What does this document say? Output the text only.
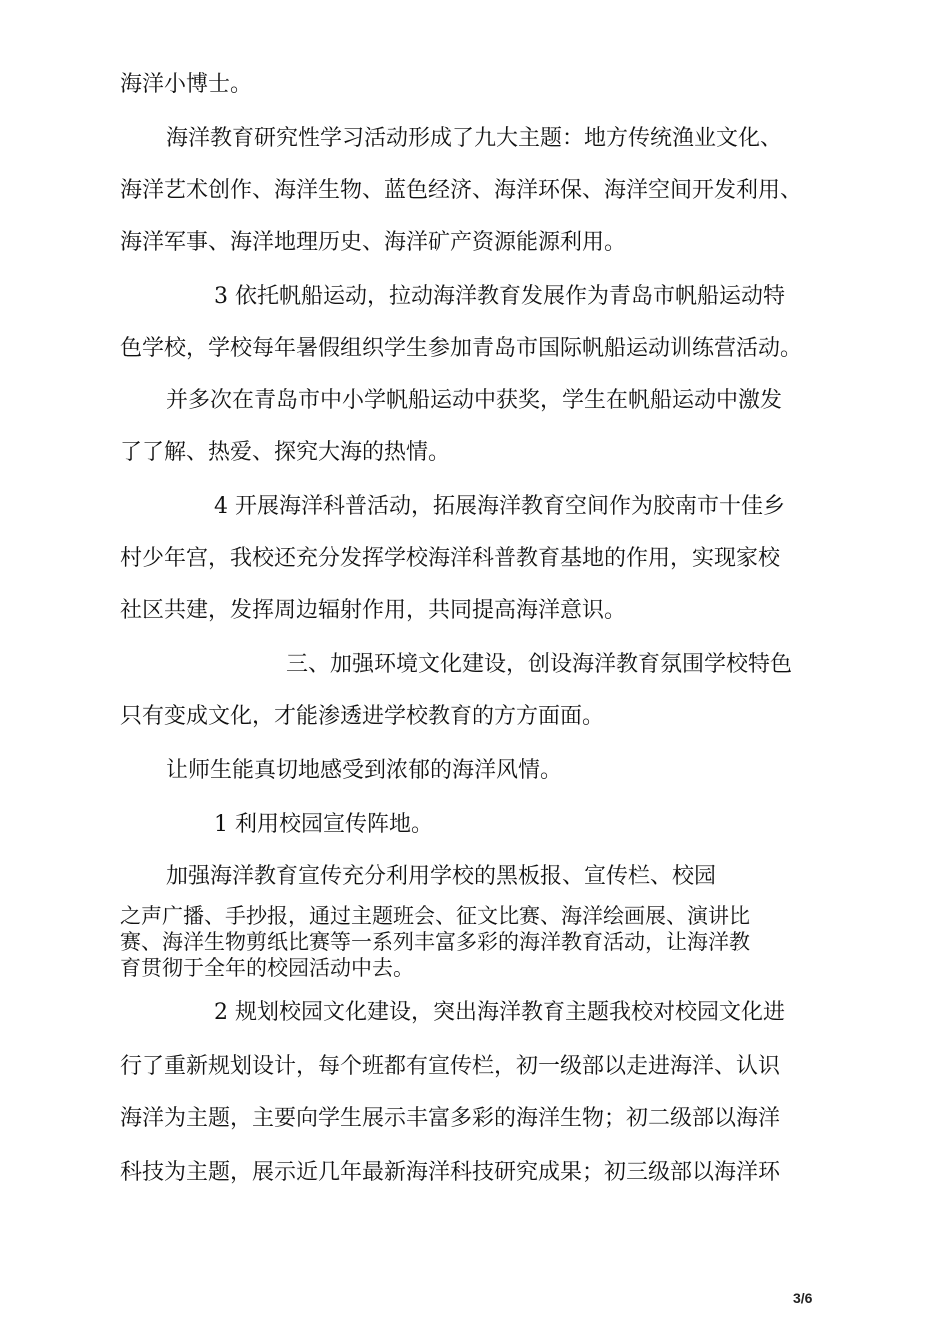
海洋小博士。

海洋教育研究性学习活动形成了九大主题：地方传统渔业文化、

海洋艺术创作、海洋生物、蓝色经济、海洋环保、海洋空间开发利用、

海洋军事、海洋地理历史、海洋矿产资源能源利用。

3 依托帆船运动，拉动海洋教育发展作为青岛市帆船运动特

色学校，学校每年暑假组织学生参加青岛市国际帆船运动训练营活动。

并多次在青岛市中小学帆船运动中获奖，学生在帆船运动中激发

了了解、热爱、探究大海的热情。

4 开展海洋科普活动，拓展海洋教育空间作为胶南市十佳乡

村少年宫，我校还充分发挥学校海洋科普教育基地的作用，实现家校

社区共建，发挥周边辐射作用，共同提高海洋意识。

三、加强环境文化建设，创设海洋教育氛围学校特色

只有变成文化，才能渗透进学校教育的方方面面。

让师生能真切地感受到浓郁的海洋风情。

1 利用校园宣传阵地。

加强海洋教育宣传充分利用学校的黑板报、宣传栏、校园

之声广播、手抄报，通过主题班会、征文比赛、海洋绘画展、演讲比

赛、海洋生物剪纸比赛等一系列丰富多彩的海洋教育活动，让海洋教

育贯彻于全年的校园活动中去。

2 规划校园文化建设，突出海洋教育主题我校对校园文化进

行了重新规划设计，每个班都有宣传栏，初一级部以走进海洋、认识

海洋为主题，主要向学生展示丰富多彩的海洋生物；初二级部以海洋

科技为主题，展示近几年最新海洋科技研究成果；初三级部以海洋环

3/6
